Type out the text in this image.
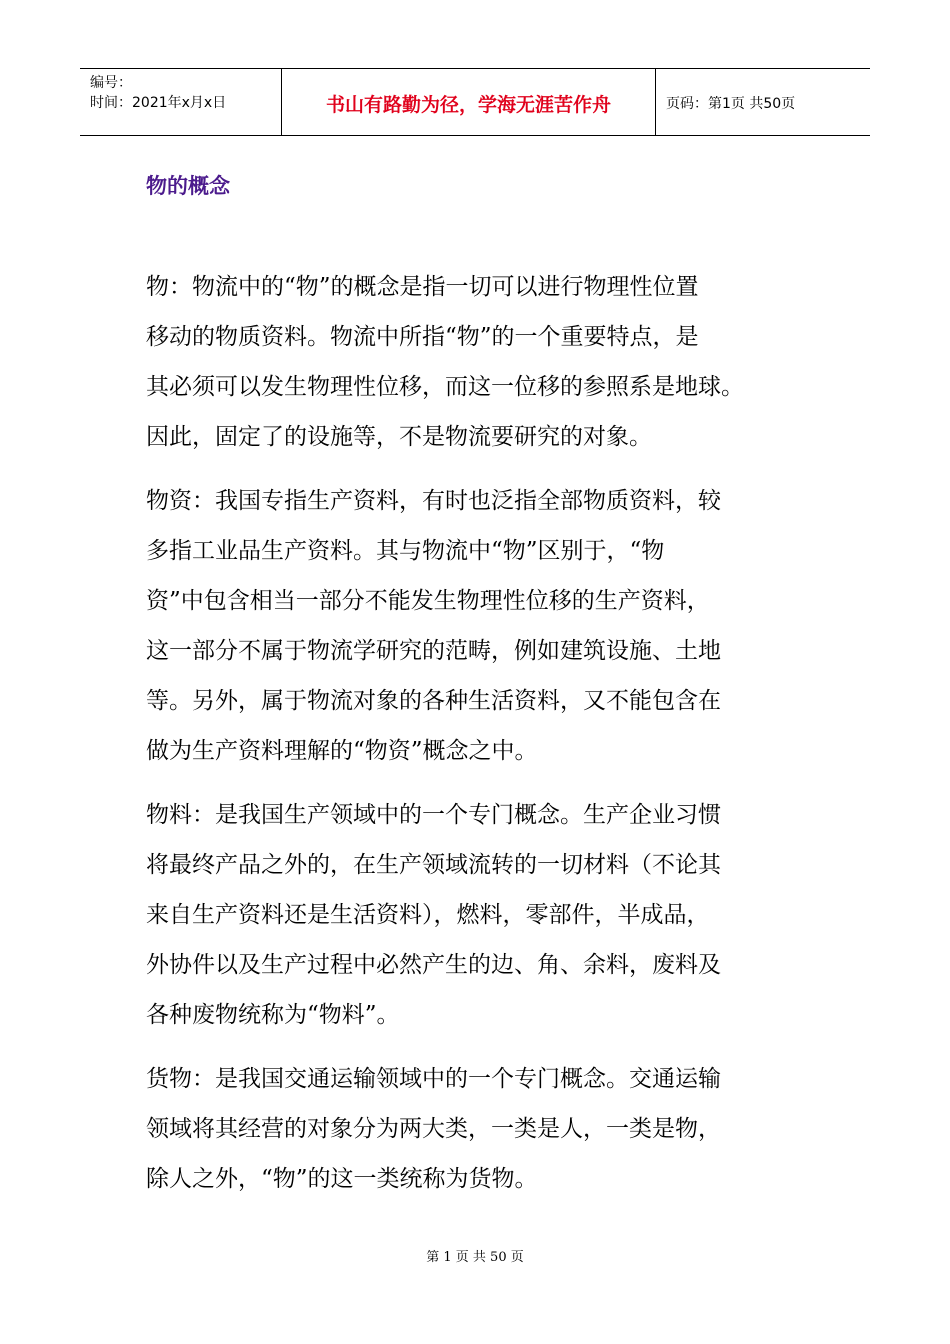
编号：
时间：2021年x月x日	书山有路勤为径，学海无涯苦作舟	页码：第1页 共50页
物的概念

物：物流中的“物”的概念是指一切可以进行物理性位置
移动的物质资料。物流中所指“物”的一个重要特点，是
其必须可以发生物理性位移，而这一位移的参照系是地球。
因此，固定了的设施等，不是物流要研究的对象。

物资：我国专指生产资料，有时也泛指全部物质资料，较
多指工业品生产资料。其与物流中“物”区别于，“物
资”中包含相当一部分不能发生物理性位移的生产资料，
这一部分不属于物流学研究的范畴，例如建筑设施、土地
等。另外，属于物流对象的各种生活资料，又不能包含在
做为生产资料理解的“物资”概念之中。

物料：是我国生产领域中的一个专门概念。生产企业习惯
将最终产品之外的，在生产领域流转的一切材料（不论其
来自生产资料还是生活资料），燃料，零部件，半成品，
外协件以及生产过程中必然产生的边、角、余料，废料及
各种废物统称为“物料”。

货物：是我国交通运输领域中的一个专门概念。交通运输
领域将其经营的对象分为两大类，一类是人，一类是物，
除人之外，“物”的这一类统称为货物。

第 1 页 共 50 页
